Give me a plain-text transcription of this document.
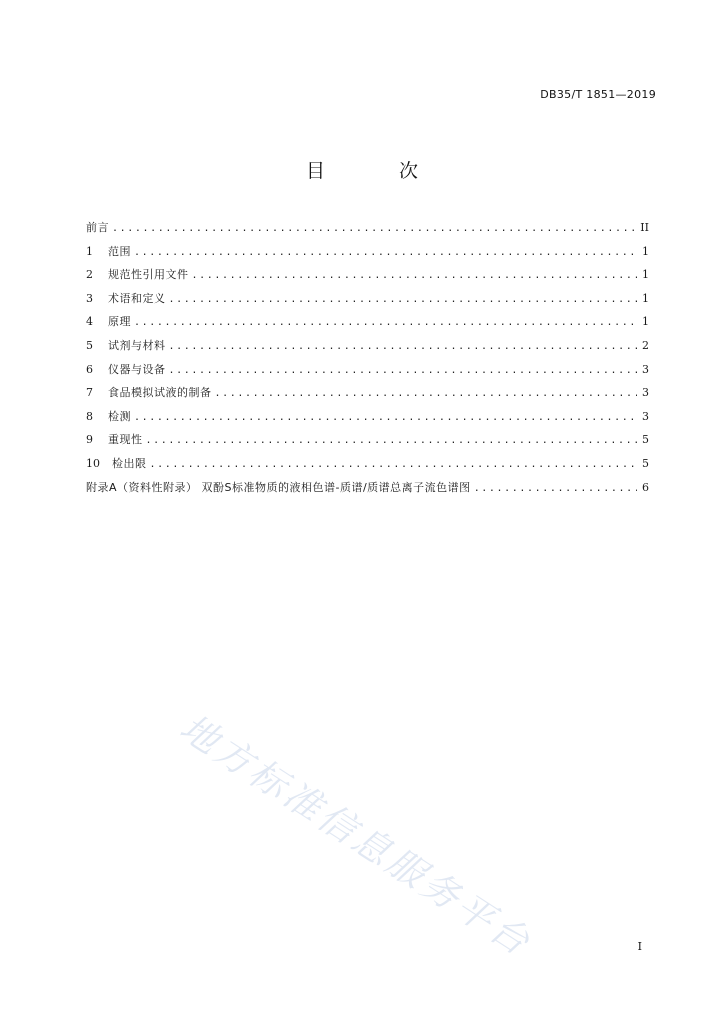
DB35/T 1851—2019
目 次
前言 .....	II
1	范围 .....	1
2	规范性引用文件 .....	1
3	术语和定义 .....	1
4	原理 .....	1
5	试剂与材料 .....	2
6	仪器与设备 .....	3
7	食品模拟试液的制备 .....	3
8	检测 .....	3
9	重现性 .....	5
10	检出限 .....	5
附录A（资料性附录） 双酚S标准物质的液相色谱-质谱/质谱总离子流色谱图 .....	6
地方标准信息服务平台	I
